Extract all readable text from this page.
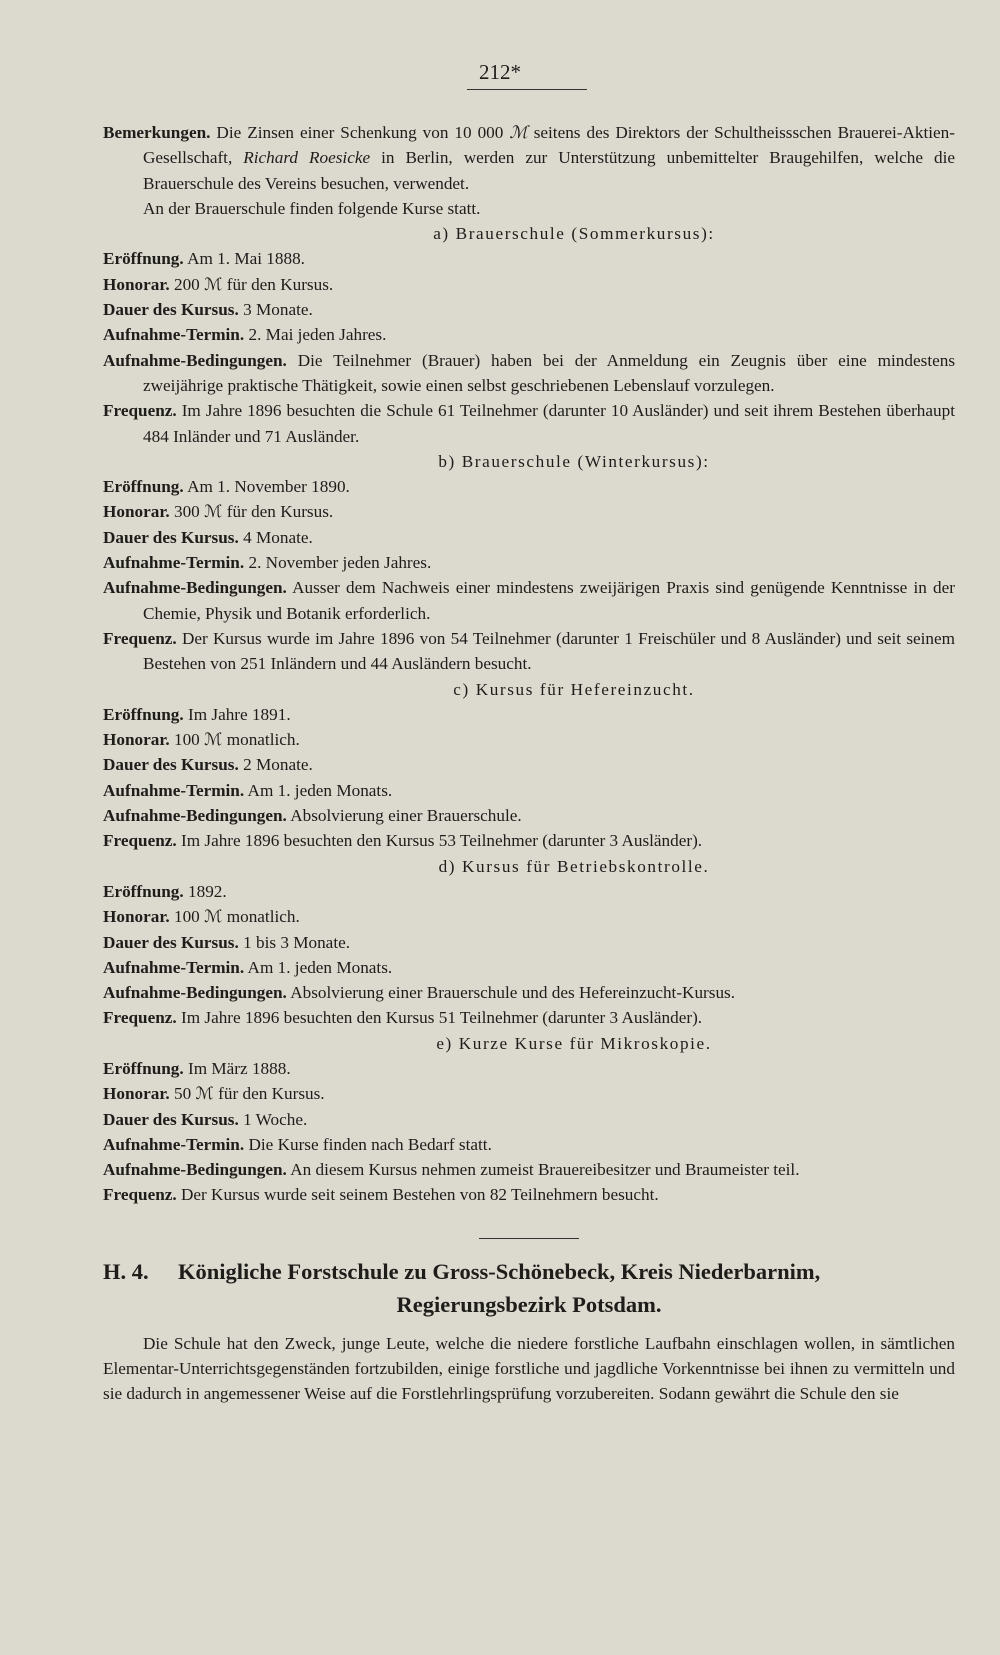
212*

Bemerkungen. Die Zinsen einer Schenkung von 10 000 ℳ seitens des Direktors der Schultheissschen Brauerei-Aktien-Gesellschaft, Richard Roesicke in Berlin, werden zur Unterstützung unbemittelter Braugehilfen, welche die Brauerschule des Vereins besuchen, verwendet.

An der Brauerschule finden folgende Kurse statt.

a) Brauerschule (Sommerkursus):

Eröffnung. Am 1. Mai 1888.

Honorar. 200 ℳ für den Kursus.

Dauer des Kursus. 3 Monate.

Aufnahme-Termin. 2. Mai jeden Jahres.

Aufnahme-Bedingungen. Die Teilnehmer (Brauer) haben bei der Anmeldung ein Zeugnis über eine mindestens zweijährige praktische Thätigkeit, sowie einen selbst geschriebenen Lebenslauf vorzulegen.

Frequenz. Im Jahre 1896 besuchten die Schule 61 Teilnehmer (darunter 10 Ausländer) und seit ihrem Bestehen überhaupt 484 Inländer und 71 Ausländer.

b) Brauerschule (Winterkursus):

Eröffnung. Am 1. November 1890.

Honorar. 300 ℳ für den Kursus.

Dauer des Kursus. 4 Monate.

Aufnahme-Termin. 2. November jeden Jahres.

Aufnahme-Bedingungen. Ausser dem Nachweis einer mindestens zweijärigen Praxis sind genügende Kenntnisse in der Chemie, Physik und Botanik erforderlich.

Frequenz. Der Kursus wurde im Jahre 1896 von 54 Teilnehmer (darunter 1 Freischüler und 8 Ausländer) und seit seinem Bestehen von 251 Inländern und 44 Ausländern besucht.

c) Kursus für Hefereinzucht.

Eröffnung. Im Jahre 1891.

Honorar. 100 ℳ monatlich.

Dauer des Kursus. 2 Monate.

Aufnahme-Termin. Am 1. jeden Monats.

Aufnahme-Bedingungen. Absolvierung einer Brauerschule.

Frequenz. Im Jahre 1896 besuchten den Kursus 53 Teilnehmer (darunter 3 Ausländer).

d) Kursus für Betriebskontrolle.

Eröffnung. 1892.

Honorar. 100 ℳ monatlich.

Dauer des Kursus. 1 bis 3 Monate.

Aufnahme-Termin. Am 1. jeden Monats.

Aufnahme-Bedingungen. Absolvierung einer Brauerschule und des Hefereinzucht-Kursus.

Frequenz. Im Jahre 1896 besuchten den Kursus 51 Teilnehmer (darunter 3 Ausländer).

e) Kurze Kurse für Mikroskopie.

Eröffnung. Im März 1888.

Honorar. 50 ℳ für den Kursus.

Dauer des Kursus. 1 Woche.

Aufnahme-Termin. Die Kurse finden nach Bedarf statt.

Aufnahme-Bedingungen. An diesem Kursus nehmen zumeist Brauereibesitzer und Braumeister teil.

Frequenz. Der Kursus wurde seit seinem Bestehen von 82 Teilnehmern besucht.

H. 4. Königliche Forstschule zu Gross-Schönebeck, Kreis Niederbarnim,
Regierungsbezirk Potsdam.

Die Schule hat den Zweck, junge Leute, welche die niedere forstliche Laufbahn einschlagen wollen, in sämtlichen Elementar-Unterrichtsgegenständen fortzubilden, einige forstliche und jagdliche Vorkenntnisse bei ihnen zu vermitteln und sie dadurch in angemessener Weise auf die Forstlehrlingsprüfung vorzubereiten. Sodann gewährt die Schule den sie
